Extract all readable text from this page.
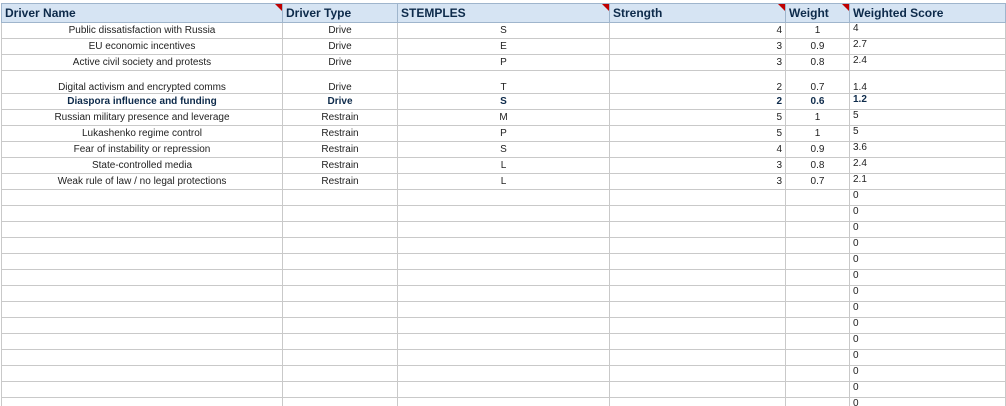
Driver Name	Driver Type	STEMPLES	Strength	Weight	Weighted Score
Public dissatisfaction with Russia	Drive	S	4	1	4
EU economic incentives	Drive	E	3	0.9	2.7
Active civil society and protests	Drive	P	3	0.8	2.4
Digital activism and encrypted comms	Drive	T	2	0.7	1.4
Diaspora influence and funding	Drive	S	2	0.6	1.2
Russian military presence and leverage	Restrain	M	5	1	5
Lukashenko regime control	Restrain	P	5	1	5
Fear of instability or repression	Restrain	S	4	0.9	3.6
State-controlled media	Restrain	L	3	0.8	2.4
Weak rule of law / no legal protections	Restrain	L	3	0.7	2.1
					0
					0
					0
					0
					0
					0
					0
					0
					0
					0
					0
					0
					0
					0
